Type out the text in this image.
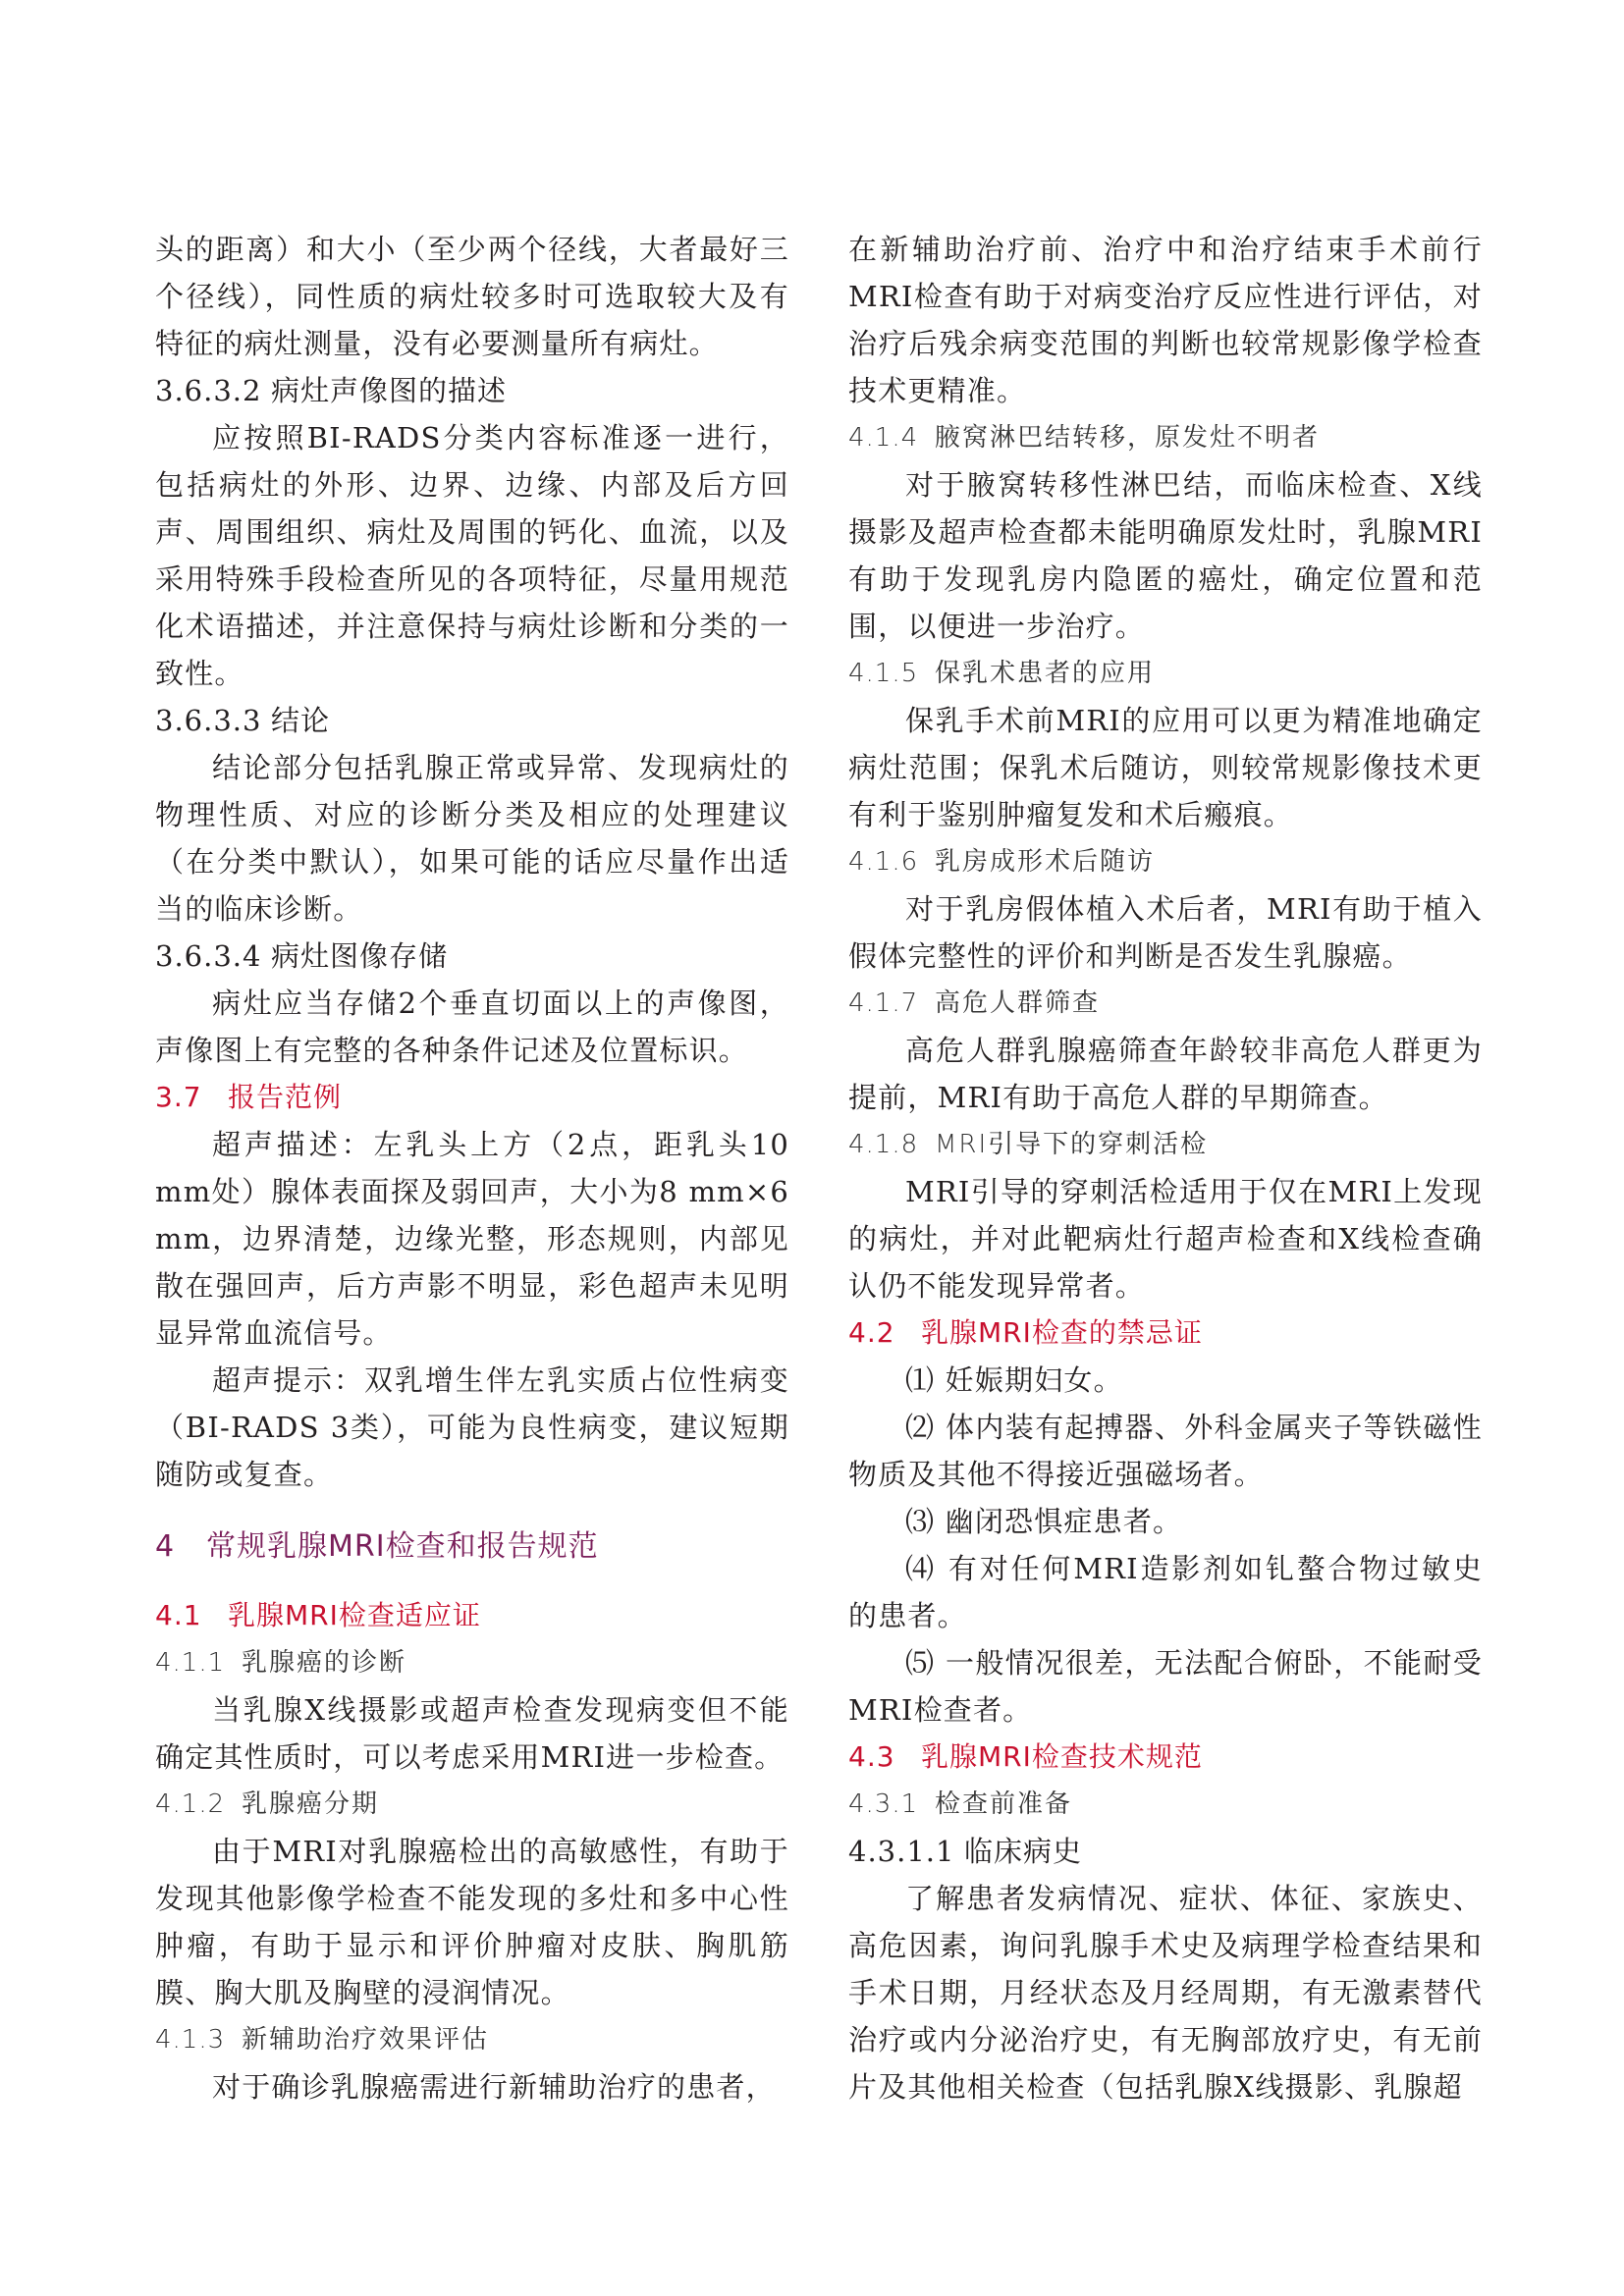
头的距离）和大小（至少两个径线，大者最好三个径线），同性质的病灶较多时可选取较大及有特征的病灶测量，没有必要测量所有病灶。

3.6.3.2 病灶声像图的描述

应按照BI-RADS分类内容标准逐一进行，包括病灶的外形、边界、边缘、内部及后方回声、周围组织、病灶及周围的钙化、血流，以及采用特殊手段检查所见的各项特征，尽量用规范化术语描述，并注意保持与病灶诊断和分类的一致性。

3.6.3.3 结论

结论部分包括乳腺正常或异常、发现病灶的物理性质、对应的诊断分类及相应的处理建议（在分类中默认），如果可能的话应尽量作出适当的临床诊断。

3.6.3.4 病灶图像存储

病灶应当存储2个垂直切面以上的声像图，声像图上有完整的各种条件记述及位置标识。

3.7 报告范例

超声描述：左乳头上方（2点，距乳头10 mm处）腺体表面探及弱回声，大小为8 mm×6 mm，边界清楚，边缘光整，形态规则，内部见散在强回声，后方声影不明显，彩色超声未见明显异常血流信号。

超声提示：双乳增生伴左乳实质占位性病变（BI-RADS 3类），可能为良性病变，建议短期随防或复查。

4 常规乳腺MRI检查和报告规范

4.1 乳腺MRI检查适应证

4.1.1 乳腺癌的诊断

当乳腺X线摄影或超声检查发现病变但不能确定其性质时，可以考虑采用MRI进一步检查。

4.1.2 乳腺癌分期

由于MRI对乳腺癌检出的高敏感性，有助于发现其他影像学检查不能发现的多灶和多中心性肿瘤，有助于显示和评价肿瘤对皮肤、胸肌筋膜、胸大肌及胸壁的浸润情况。

4.1.3 新辅助治疗效果评估

对于确诊乳腺癌需进行新辅助治疗的患者，

在新辅助治疗前、治疗中和治疗结束手术前行MRI检查有助于对病变治疗反应性进行评估，对治疗后残余病变范围的判断也较常规影像学检查技术更精准。

4.1.4 腋窝淋巴结转移，原发灶不明者

对于腋窝转移性淋巴结，而临床检查、X线摄影及超声检查都未能明确原发灶时，乳腺MRI有助于发现乳房内隐匿的癌灶，确定位置和范围，以便进一步治疗。

4.1.5 保乳术患者的应用

保乳手术前MRI的应用可以更为精准地确定病灶范围；保乳术后随访，则较常规影像技术更有利于鉴别肿瘤复发和术后瘢痕。

4.1.6 乳房成形术后随访

对于乳房假体植入术后者，MRI有助于植入假体完整性的评价和判断是否发生乳腺癌。

4.1.7 高危人群筛查

高危人群乳腺癌筛查年龄较非高危人群更为提前，MRI有助于高危人群的早期筛查。

4.1.8 MRI引导下的穿刺活检

MRI引导的穿刺活检适用于仅在MRI上发现的病灶，并对此靶病灶行超声检查和X线检查确认仍不能发现异常者。

4.2 乳腺MRI检查的禁忌证

⑴ 妊娠期妇女。

⑵ 体内装有起搏器、外科金属夹子等铁磁性物质及其他不得接近强磁场者。

⑶ 幽闭恐惧症患者。

⑷ 有对任何MRI造影剂如钆螯合物过敏史的患者。

⑸ 一般情况很差，无法配合俯卧，不能耐受MRI检查者。

4.3 乳腺MRI检查技术规范

4.3.1 检查前准备

4.3.1.1 临床病史

了解患者发病情况、症状、体征、家族史、高危因素，询问乳腺手术史及病理学检查结果和手术日期，月经状态及月经周期，有无激素替代治疗或内分泌治疗史，有无胸部放疗史，有无前片及其他相关检查（包括乳腺X线摄影、乳腺超
